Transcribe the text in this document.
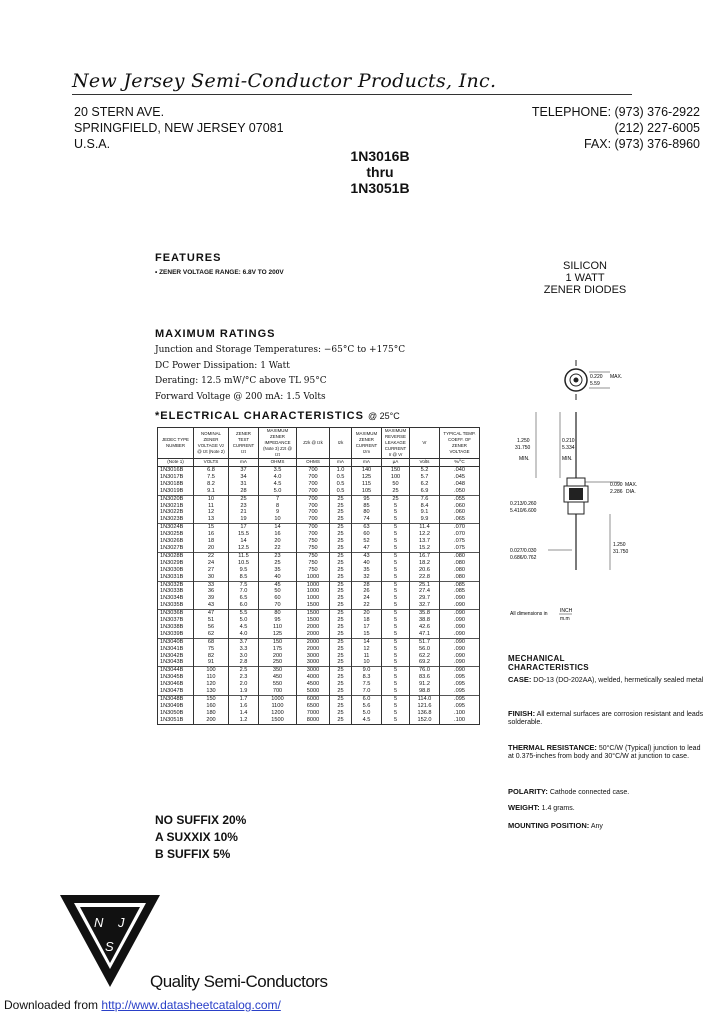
New Jersey Semi-Conductor Products, Inc.
20 STERN AVE.
SPRINGFIELD, NEW JERSEY 07081
U.S.A.
TELEPHONE: (973) 376-2922
(212) 227-6005
FAX: (973) 376-8960
1N3016B
thru
1N3051B
FEATURES
• ZENER VOLTAGE RANGE: 6.8V TO 200V
SILICON
1 WATT
ZENER DIODES
MAXIMUM RATINGS
Junction and Storage Temperatures: −65°C to +175°C
DC Power Dissipation: 1 Watt
Derating: 12.5 mW/°C above TL 95°C
Forward Voltage @ 200 mA: 1.5 Volts
*ELECTRICAL CHARACTERISTICS @ 25°C
JEDEC TYPE NUMBER	NOMINAL ZENER VOLTAGE Vz @ Izt (Note 2)	ZENER TEST CURRENT Izt	MAXIMUM ZENER IMPEDANCE (Note 3) Zzt @ Izt	Zzk @ Izk	Izk	MAXIMUM ZENER CURRENT Izm	MAXIMUM REVERSE LEAKAGE CURRENT Ir @ Vr	Vr	TYPICAL TEMP. COEFF. OF ZENER VOLTAGE
(Note 1)	VOLTS	mA	OHMS	OHMS	mA	mA	µA	Volts	%/°C
1N3016B	6.8	37	3.5	700	1.0	140	150	5.2	.040
1N3017B	7.5	34	4.0	700	0.5	125	100	5.7	.045
1N3018B	8.2	31	4.5	700	0.5	115	50	6.2	.048
1N3019B	9.1	28	5.0	700	0.5	105	25	6.9	.050
1N3020B	10	25	7	700	25	95	25	7.6	.055
1N3021B	11	23	8	700	25	85	5	8.4	.060
1N3022B	12	21	9	700	25	80	5	9.1	.060
1N3023B	13	19	10	700	25	74	5	9.9	.065
1N3024B	15	17	14	700	25	63	5	11.4	.070
1N3025B	16	15.5	16	700	25	60	5	12.2	.070
1N3026B	18	14	20	750	25	52	5	13.7	.075
1N3027B	20	12.5	22	750	25	47	5	15.2	.075
1N3028B	22	11.5	23	750	25	43	5	16.7	.080
1N3029B	24	10.5	25	750	25	40	5	18.2	.080
1N3030B	27	9.5	35	750	25	35	5	20.6	.080
1N3031B	30	8.5	40	1000	25	32	5	22.8	.080
1N3032B	33	7.5	45	1000	25	28	5	25.1	.085
1N3033B	36	7.0	50	1000	25	26	5	27.4	.085
1N3034B	39	6.5	60	1000	25	24	5	29.7	.090
1N3035B	43	6.0	70	1500	25	22	5	32.7	.090
1N3036B	47	5.5	80	1500	25	20	5	35.8	.090
1N3037B	51	5.0	95	1500	25	18	5	38.8	.090
1N3038B	56	4.5	110	2000	25	17	5	42.6	.090
1N3039B	62	4.0	125	2000	25	15	5	47.1	.090
1N3040B	68	3.7	150	2000	25	14	5	51.7	.090
1N3041B	75	3.3	175	2000	25	12	5	56.0	.090
1N3042B	82	3.0	200	3000	25	11	5	62.2	.090
1N3043B	91	2.8	250	3000	25	10	5	69.2	.090
1N3044B	100	2.5	350	3000	25	9.0	5	76.0	.090
1N3045B	110	2.3	450	4000	25	8.3	5	83.6	.095
1N3046B	120	2.0	550	4500	25	7.5	5	91.2	.095
1N3047B	130	1.9	700	5000	25	7.0	5	98.8	.095
1N3048B	150	1.7	1000	6000	25	6.0	5	114.0	.095
1N3049B	160	1.6	1100	6500	25	5.6	5	121.6	.095
1N3050B	180	1.4	1200	7000	25	5.0	5	136.8	.100
1N3051B	200	1.2	1500	8000	25	4.5	5	152.0	.100
NO SUFFIX 20%
A SUXXIX 10%
B SUFFIX 5%
0.220 MAX.
5.59
1.250
31.750
MIN.	MIN.
0.210
5.334
0.090 MAX.
2.286 DIA.
0.213/0.260
5.410/6.600
0.027/0.030
0.686/0.762
1.250
31.750
All dimensions in INCH
m.m
MECHANICAL CHARACTERISTICS
CASE: DO-13 (DO-202AA), welded, hermetically sealed metal
FINISH: All external surfaces are corrosion resistant and leads solderable.
THERMAL RESISTANCE: 50°C/W (Typical) junction to lead at 0.375-inches from body and 30°C/W at junction to case.
POLARITY: Cathode connected case.
WEIGHT: 1.4 grams.
MOUNTING POSITION: Any
N J
S
Quality Semi-Conductors
Downloaded from http://www.datasheetcatalog.com/
